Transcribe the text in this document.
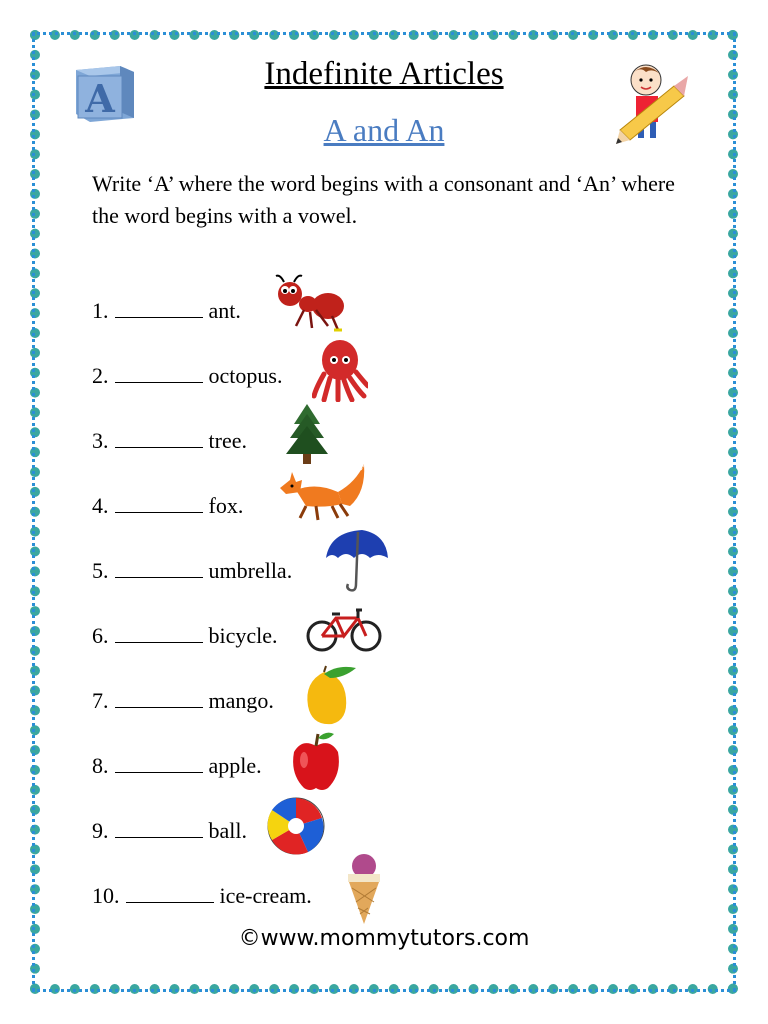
A
Indefinite Articles
A and An
Write ‘A’ where the word begins with a consonant and ‘An’ where the word begins with a vowel.
1.	ant.
2.	octopus.
3.	tree.
4.	fox.
5.	umbrella.
6.	bicycle.
7.	mango.
8.	apple.
9.	ball.
10.	ice-cream.
©www.mommytutors.com
